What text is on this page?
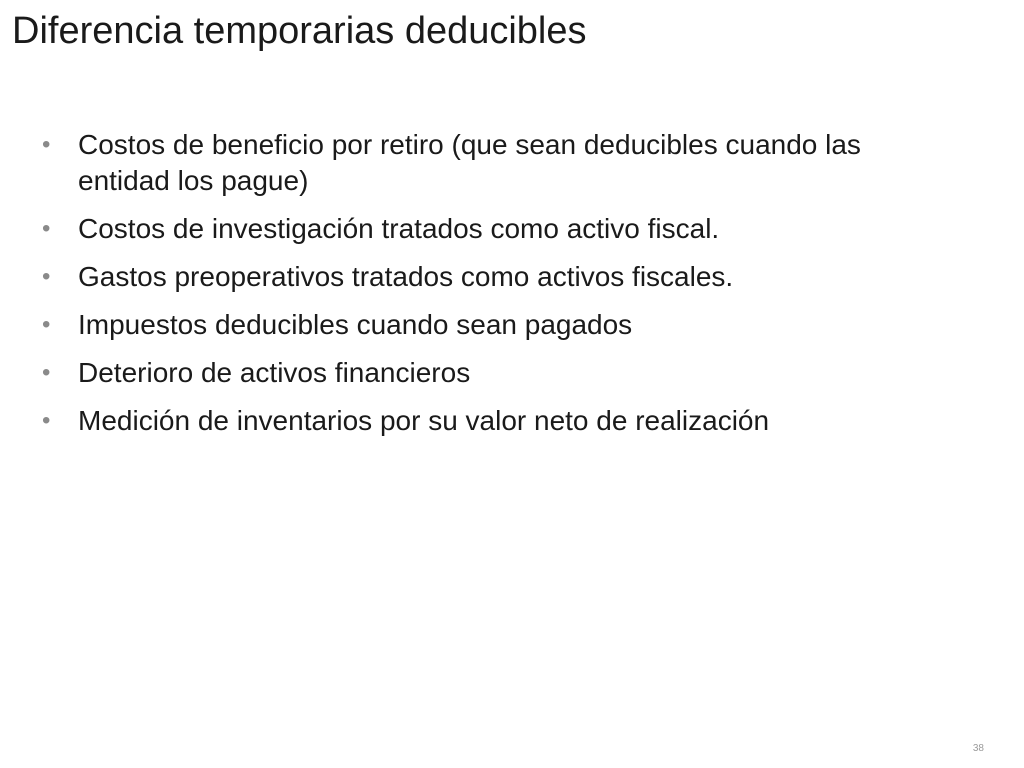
Diferencia temporarias deducibles
• Costos de beneficio por retiro (que sean deducibles cuando las entidad los pague)
• Costos de investigación tratados como activo fiscal.
• Gastos preoperativos tratados como activos fiscales.
• Impuestos deducibles cuando sean pagados
• Deterioro de activos financieros
• Medición de inventarios por su valor neto de realización
38
